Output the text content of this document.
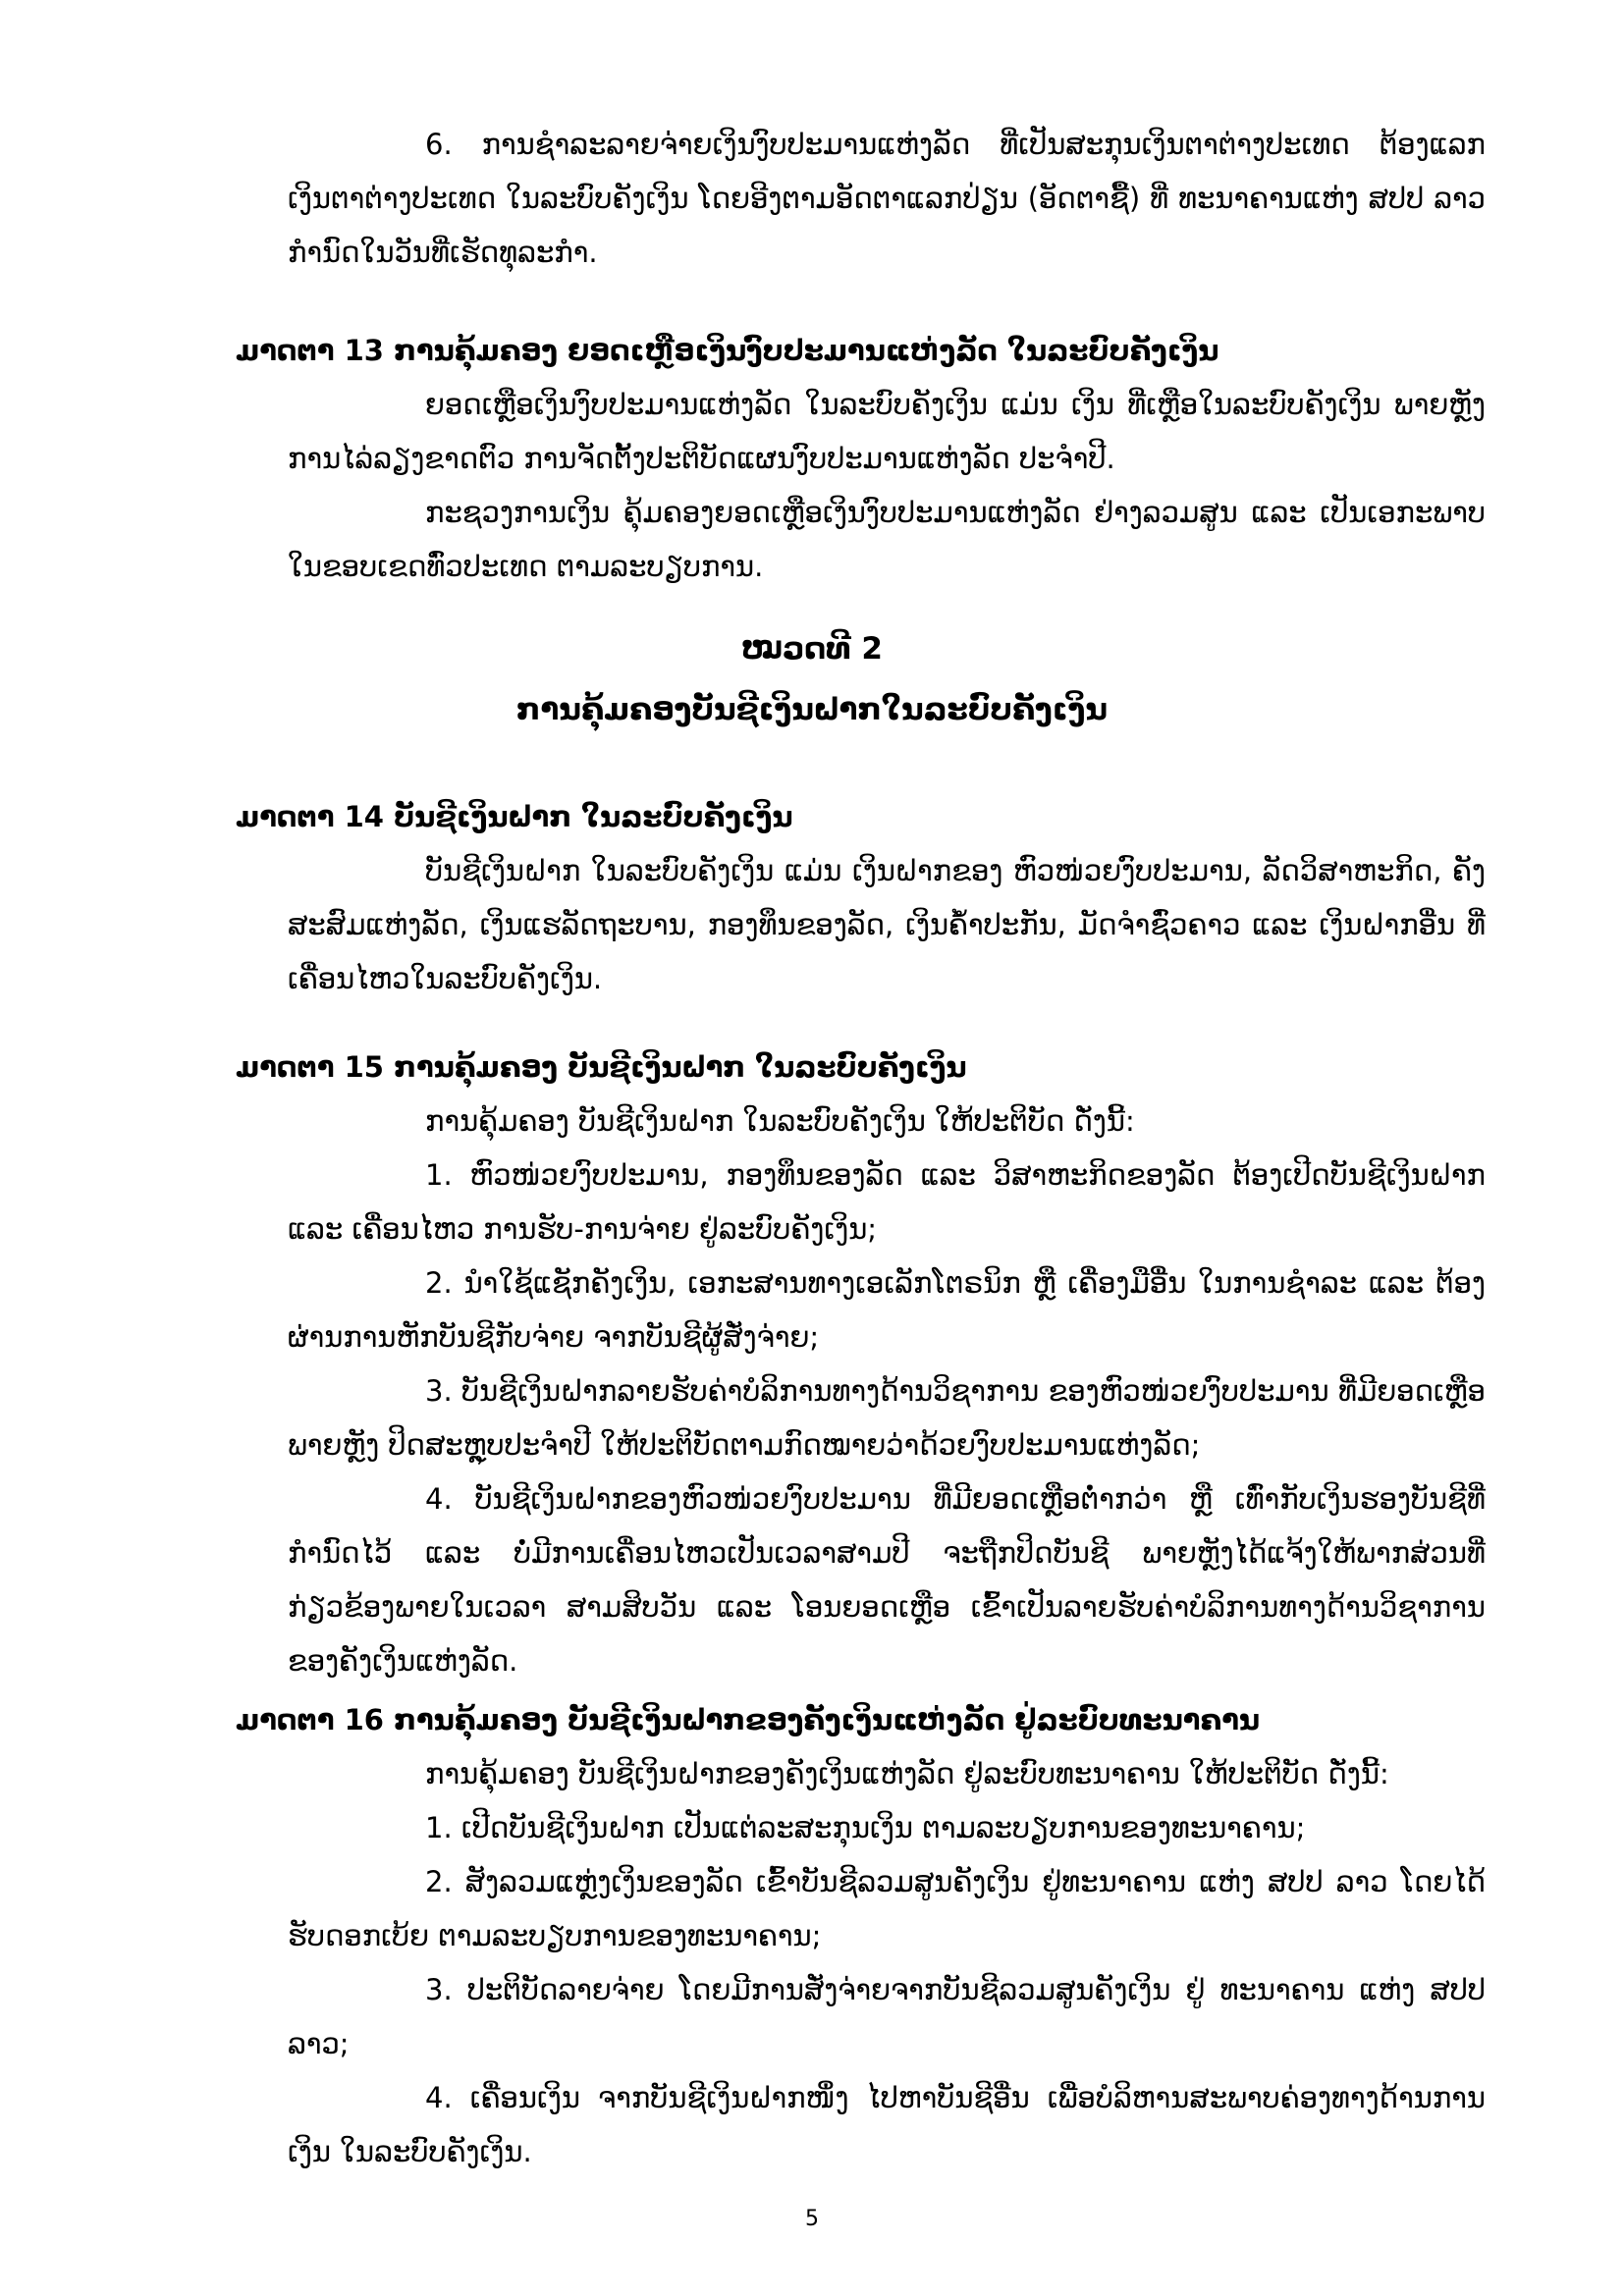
6. ການຊຳລະລາຍຈ່າຍເງິນງົບປະມານແຫ່ງລັດ ທີ່ເປັນສະກຸນເງິນຕາຕ່າງປະເທດ ຕ້ອງແລກເງິນຕາຕ່າງປະເທດ ໃນລະບົບຄັງເງິນ ໂດຍອີງຕາມອັດຕາແລກປ່ຽນ (ອັດຕາຊື້) ທີ່ ທະນາຄານແຫ່ງ ສປປ ລາວ ກຳນົດໃນວັນທີ່ເຮັດທຸລະກຳ.

ມາດຕາ 13 ການຄຸ້ມຄອງ ຍອດເຫຼືອເງິນງົບປະມານແຫ່ງລັດ ໃນລະບົບຄັງເງິນ

ຍອດເຫຼືອເງິນງົບປະມານແຫ່ງລັດ ໃນລະບົບຄັງເງິນ ແມ່ນ ເງິນ ທີ່ເຫຼືອໃນລະບົບຄັງເງິນ ພາຍຫຼັງການໄລ່ລຽງຂາດຕົວ ການຈັດຕັ້ງປະຕິບັດແຜນງົບປະມານແຫ່ງລັດ ປະຈຳປີ.

ກະຊວງການເງິນ ຄຸ້ມຄອງຍອດເຫຼືອເງິນງົບປະມານແຫ່ງລັດ ຢ່າງລວມສູນ ແລະ ເປັນເອກະພາບ ໃນຂອບເຂດທົ່ວປະເທດ ຕາມລະບຽບການ.

ໝວດທີ 2

ການຄຸ້ມຄອງບັນຊີເງິນຝາກໃນລະບົບຄັງເງິນ

ມາດຕາ 14 ບັນຊີເງິນຝາກ ໃນລະບົບຄັງເງິນ

ບັນຊີເງິນຝາກ ໃນລະບົບຄັງເງິນ ແມ່ນ ເງິນຝາກຂອງ ຫົວໜ່ວຍງົບປະມານ, ລັດວິສາຫະກິດ, ຄັງສະສົມແຫ່ງລັດ, ເງິນແຮລັດຖະບານ, ກອງທຶນຂອງລັດ, ເງິນຄ້ຳປະກັນ, ມັດຈຳຊົ່ວຄາວ ແລະ ເງິນຝາກອື່ນ ທີ່ເຄື່ອນໄຫວໃນລະບົບຄັງເງິນ.

ມາດຕາ 15 ການຄຸ້ມຄອງ ບັນຊີເງິນຝາກ ໃນລະບົບຄັງເງິນ

ການຄຸ້ມຄອງ ບັນຊີເງິນຝາກ ໃນລະບົບຄັງເງິນ ໃຫ້ປະຕິບັດ ດັ່ງນີ້:

1. ຫົວໜ່ວຍງົບປະມານ, ກອງທຶນຂອງລັດ ແລະ ວິສາຫະກິດຂອງລັດ ຕ້ອງເປີດບັນຊີເງິນຝາກ ແລະ ເຄື່ອນໄຫວ ການຮັບ-ການຈ່າຍ ຢູ່ລະບົບຄັງເງິນ;

2. ນຳໃຊ້ແຊັກຄັງເງິນ, ເອກະສານທາງເອເລັກໂຕຣນິກ ຫຼື ເຄື່ອງມືອື່ນ ໃນການຊຳລະ ແລະ ຕ້ອງຜ່ານການຫັກບັນຊີກັບຈ່າຍ ຈາກບັນຊີຜູ້ສັ່ງຈ່າຍ;

3. ບັນຊີເງິນຝາກລາຍຮັບຄ່າບໍລິການທາງດ້ານວິຊາການ ຂອງຫົວໜ່ວຍງົບປະມານ ທີ່ມີຍອດເຫຼືອພາຍຫຼັງ ປິດສະຫຼຸບປະຈຳປີ ໃຫ້ປະຕິບັດຕາມກົດໝາຍວ່າດ້ວຍງົບປະມານແຫ່ງລັດ;

4. ບັນຊີເງິນຝາກຂອງຫົວໜ່ວຍງົບປະມານ ທີ່ມີຍອດເຫຼືອຕ່ຳກວ່າ ຫຼື ເທົ່າກັບເງິນຮອງບັນຊີທີ່ກຳນົດໄວ້ ແລະ ບໍ່ມີການເຄື່ອນໄຫວເປັນເວລາສາມປີ ຈະຖືກປິດບັນຊີ ພາຍຫຼັງໄດ້ແຈ້ງໃຫ້ພາກສ່ວນທີ່ກ່ຽວຂ້ອງພາຍໃນເວລາ ສາມສິບວັນ ແລະ ໂອນຍອດເຫຼືອ ເຂົ້າເປັນລາຍຮັບຄ່າບໍລິການທາງດ້ານວິຊາການ ຂອງຄັງເງິນແຫ່ງລັດ.

ມາດຕາ 16 ການຄຸ້ມຄອງ ບັນຊີເງິນຝາກຂອງຄັງເງິນແຫ່ງລັດ ຢູ່ລະບົບທະນາຄານ

ການຄຸ້ມຄອງ ບັນຊີເງິນຝາກຂອງຄັງເງິນແຫ່ງລັດ ຢູ່ລະບົບທະນາຄານ ໃຫ້ປະຕິບັດ ດັ່ງນີ້:

1. ເປີດບັນຊີເງິນຝາກ ເປັນແຕ່ລະສະກຸນເງິນ ຕາມລະບຽບການຂອງທະນາຄານ;

2. ສັງລວມແຫຼ່ງເງິນຂອງລັດ ເຂົ້າບັນຊີລວມສູນຄັງເງິນ ຢູ່ທະນາຄານ ແຫ່ງ ສປປ ລາວ ໂດຍໄດ້ຮັບດອກເບ້ຍ ຕາມລະບຽບການຂອງທະນາຄານ;

3. ປະຕິບັດລາຍຈ່າຍ ໂດຍມີການສັ່ງຈ່າຍຈາກບັນຊີລວມສູນຄັງເງິນ ຢູ່ ທະນາຄານ ແຫ່ງ ສປປ ລາວ;

4. ເຄື່ອນເງິນ ຈາກບັນຊີເງິນຝາກໜຶ່ງ ໄປຫາບັນຊີອື່ນ ເພື່ອບໍລິຫານສະພາບຄ່ອງທາງດ້ານການເງິນ ໃນລະບົບຄັງເງິນ.

5
